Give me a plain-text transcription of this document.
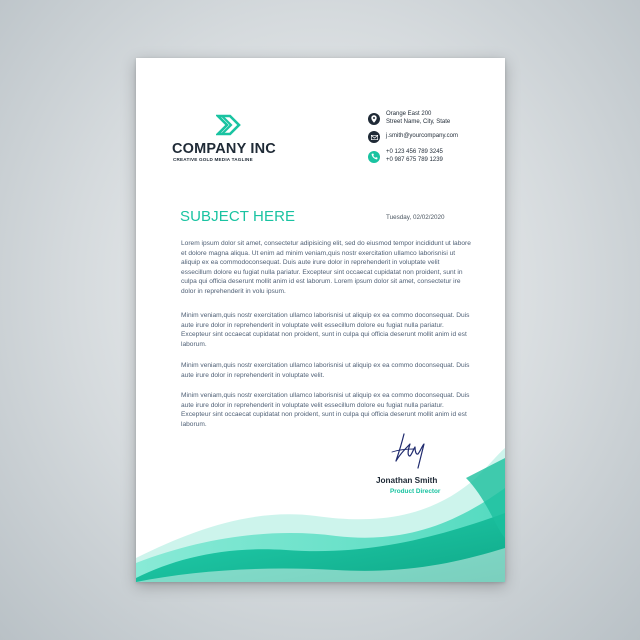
COMPANY INC
CREATIVE GOLD MEDIA TAGLINE
Orange East 200
Street Name, City, State
j.smith@yourcompany.com
+0 123 456 789 3245
+0 987 675 789 1239
SUBJECT HERE	Tuesday, 02/02/2020

Lorem ipsum dolor sit amet, consectetur adipisicing elit, sed do eiusmod tempor incididunt ut labore et dolore magna aliqua. Ut enim ad minim veniam,quis nostr exercitation ullamco laborisnisi ut aliquip ex ea commodoconsequat. Duis aute irure dolor in reprehenderit in voluptate velit essecillum dolore eu fugiat nulla pariatur. Excepteur sint occaecat cupidatat non proident, sunt in culpa qui officia deserunt mollit anim id est laborum. Lorem ipsum dolor sit amet, consectetur ire dolor in reprehenderit in volu ipsum.

Minim veniam,quis nostr exercitation ullamco laborisnisi ut aliquip ex ea commo doconsequat. Duis aute irure dolor in reprehenderit in voluptate velit essecillum dolore eu fugiat nulla pariatur. Excepteur sint occaecat cupidatat non proident, sunt in culpa qui officia deserunt mollit anim id est laborum.

Minim veniam,quis nostr exercitation ullamco laborisnisi ut aliquip ex ea commo doconsequat. Duis aute irure dolor in reprehenderit in voluptate velit.

Minim veniam,quis nostr exercitation ullamco laborisnisi ut aliquip ex ea commo doconsequat. Duis aute irure dolor in reprehenderit in voluptate velit essecillum dolore eu fugiat nulla pariatur. Excepteur sint occaecat cupidatat non proident, sunt in culpa qui officia deserunt mollit anim id est laborum.

Jonathan Smith
Product Director
